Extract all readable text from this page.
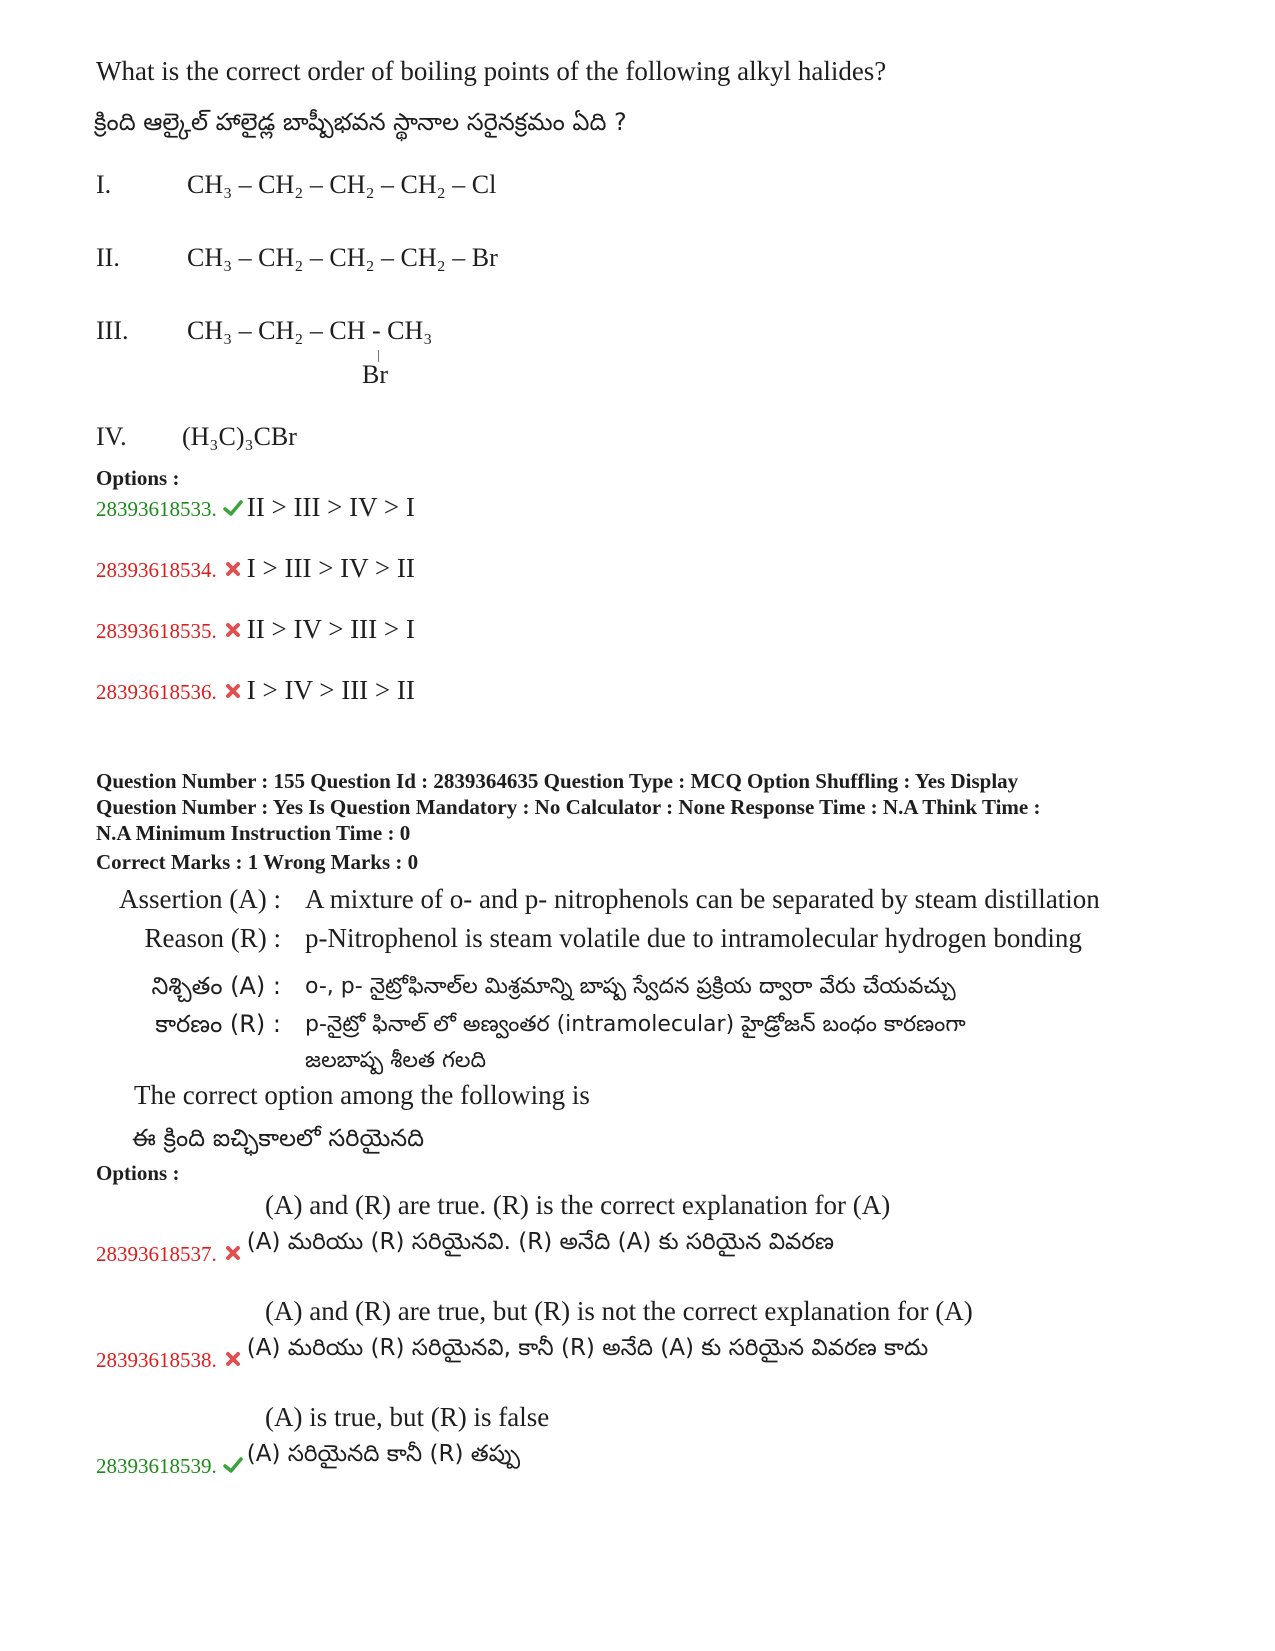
What is the correct order of boiling points of the following alkyl halides?
క్రింది ఆల్కైల్ హాలైడ్ల బాష్పీభవన స్థానాల సరైనక్రమం ఏది ?
I.	CH₃ – CH₂ – CH₂ – CH₂ – Cl
II.	CH₃ – CH₂ – CH₂ – CH₂ – Br
III. CH₃ – CH₂ – CH - CH₃
Br
IV. (H₃C)₃CBr
Options :
28393618533. II > III > IV > I
28393618534. I > III > IV > II
28393618535. II > IV > III > I
28393618536. I > IV > III > II
Question Number : 155 Question Id : 2839364635 Question Type : MCQ Option Shuffling : Yes Display
Question Number : Yes Is Question Mandatory : No Calculator : None Response Time : N.A Think Time :
N.A Minimum Instruction Time : 0
Correct Marks : 1 Wrong Marks : 0
Assertion (A) : A mixture of o- and p- nitrophenols can be separated by steam distillation
Reason (R) : p-Nitrophenol is steam volatile due to intramolecular hydrogen bonding
నిశ్చితం (A) : o-, p- నైట్రోఫినాల్‌ల మిశ్రమాన్ని బాష్ప స్వేదన ప్రక్రియ ద్వారా వేరు చేయవచ్చు
కారణం (R) : p-నైట్రో ఫినాల్ లో అణ్వంతర (intramolecular) హైడ్రోజన్ బంధం కారణంగా
జలబాష్ప శీలత గలది
The correct option among the following is
ఈ క్రింది ఐచ్ఛికాలలో సరియైనది
Options :
(A) and (R) are true. (R) is the correct explanation for (A)
28393618537. (A) మరియు (R) సరియైనవి. (R) అనేది (A) కు సరియైన వివరణ
(A) and (R) are true, but (R) is not the correct explanation for (A)
28393618538. (A) మరియు (R) సరియైనవి, కానీ (R) అనేది (A) కు సరియైన వివరణ కాదు
(A) is true, but (R) is false
28393618539. (A) సరియైనది కానీ (R) తప్పు
